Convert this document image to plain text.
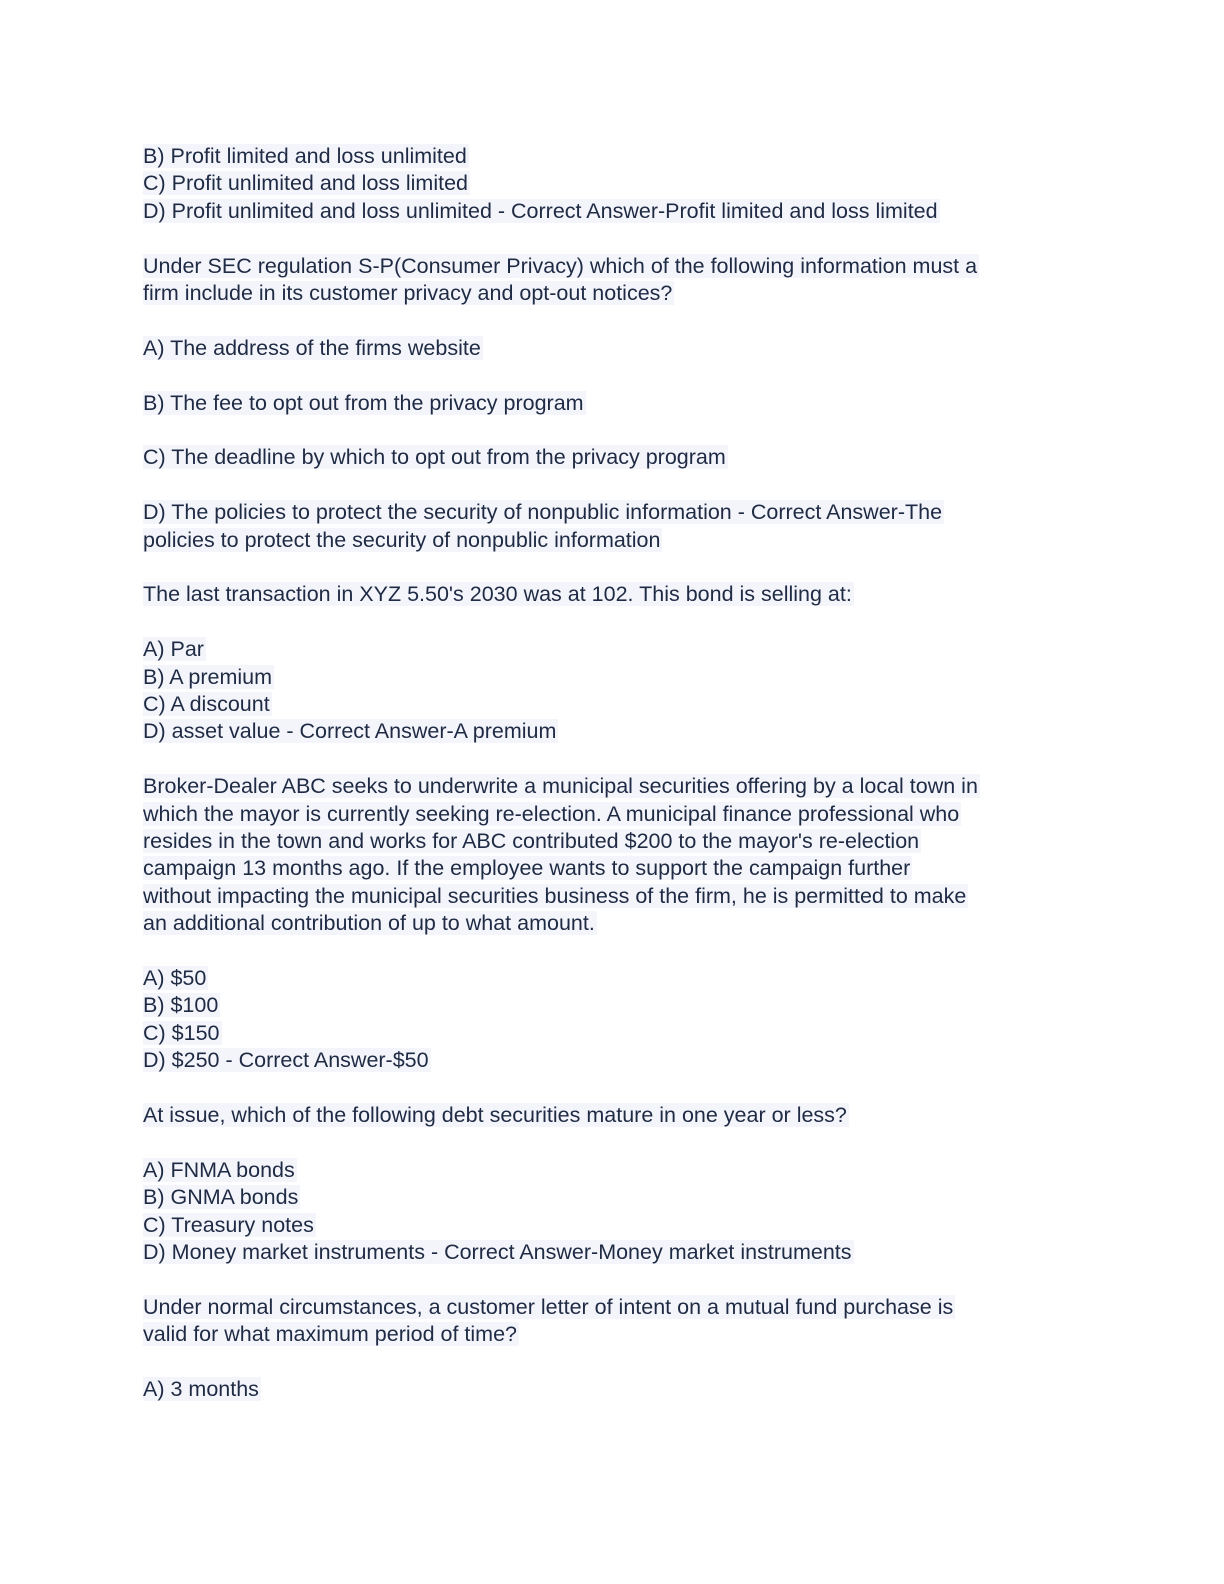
B) Profit limited and loss unlimited
C) Profit unlimited and loss limited
D) Profit unlimited and loss unlimited - Correct Answer-Profit limited and loss limited
Under SEC regulation S-P(Consumer Privacy) which of the following information must a
firm include in its customer privacy and opt-out notices?
A) The address of the firms website
B) The fee to opt out from the privacy program
C) The deadline by which to opt out from the privacy program
D) The policies to protect the security of nonpublic information - Correct Answer-The
policies to protect the security of nonpublic information
The last transaction in XYZ 5.50's 2030 was at 102. This bond is selling at:
A) Par
B) A premium
C) A discount
D) asset value - Correct Answer-A premium
Broker-Dealer ABC seeks to underwrite a municipal securities offering by a local town in
which the mayor is currently seeking re-election. A municipal finance professional who
resides in the town and works for ABC contributed $200 to the mayor's re-election
campaign 13 months ago. If the employee wants to support the campaign further
without impacting the municipal securities business of the firm, he is permitted to make
an additional contribution of up to what amount.
A) $50
B) $100
C) $150
D) $250 - Correct Answer-$50
At issue, which of the following debt securities mature in one year or less?
A) FNMA bonds
B) GNMA bonds
C) Treasury notes
D) Money market instruments - Correct Answer-Money market instruments
Under normal circumstances, a customer letter of intent on a mutual fund purchase is
valid for what maximum period of time?
A) 3 months
